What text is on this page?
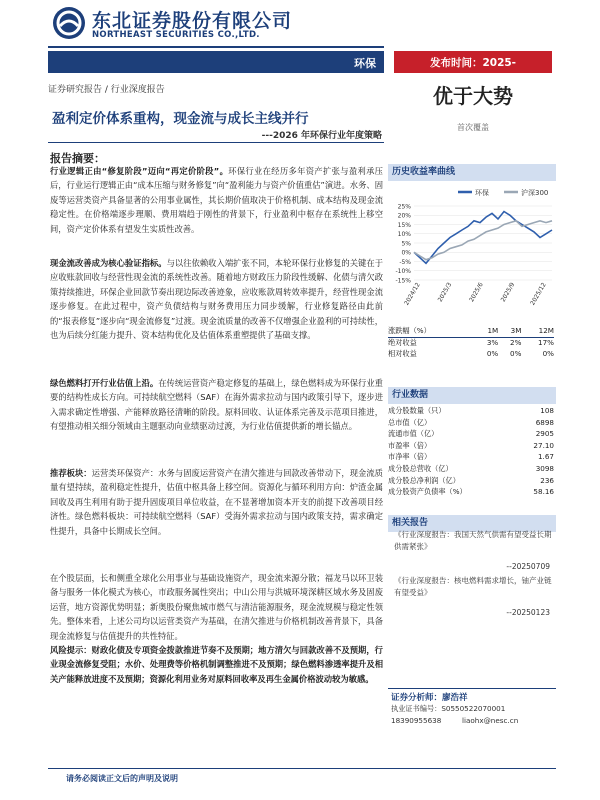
东北证券股份有限公司
NORTHEAST SECURITIES CO.,LTD.
环保	发布时间：2025-
证券研究报告 / 行业深度报告	优于大势
盈利定价体系重构，现金流与成长主线并行
---2026 年环保行业年度策略
首次覆盖
报告摘要：

行业逻辑正由“修复阶段”迈向“再定价阶段”。环保行业在经历多年资产扩张与盈利承压后，行业运行逻辑正由“成本压缩与财务修复”向“盈利能力与资产价值重估”演进。水务、固废等运营类资产具备显著的公用事业属性，其长期价值取决于价格机制、成本结构及现金流稳定性。在价格端逐步理顺、费用端趋于刚性的背景下，行业盈利中枢存在系统性上移空间，资产定价体系有望发生实质性改善。

现金流改善成为核心验证指标。与以往依赖收入端扩张不同，本轮环保行业修复的关键在于应收账款回收与经营性现金流的系统性改善。随着地方财政压力阶段性缓解、化债与清欠政策持续推进，环保企业回款节奏出现边际改善迹象，应收账款周转效率提升，经营性现金流逐步修复。在此过程中，资产负债结构与财务费用压力同步缓解，行业修复路径由此前的“报表修复”逐步向“现金流修复”过渡。现金流质量的改善不仅增强企业盈利的可持续性，也为后续分红能力提升、资本结构优化及估值体系重塑提供了基础支撑。

绿色燃料打开行业估值上沿。在传统运营资产稳定修复的基础上，绿色燃料成为环保行业重要的结构性成长方向。可持续航空燃料（SAF）在海外需求拉动与国内政策引导下，逐步进入需求确定性增强、产能释放路径清晰的阶段。原料回收、认证体系完善及示范项目推进，有望推动相关细分领域由主题驱动向业绩驱动过渡，为行业估值提供新的增长锚点。

推荐板块：运营类环保资产：水务与固废运营资产在清欠推进与回款改善带动下，现金流质量有望持续，盈利稳定性提升，估值中枢具备上移空间。资源化与循环利用方向：炉渣金属回收及再生利用有助于提升固废项目单位收益，在不显著增加资本开支的前提下改善项目经济性。绿色燃料板块：可持续航空燃料（SAF）受海外需求拉动与国内政策支持，需求确定性提升，具备中长期成长空间。

在个股层面，长和侧重全球化公用事业与基础设施资产，现金流来源分散；福龙马以环卫装备与服务一体化模式为核心，市政服务属性突出；中山公用与洪城环境深耕区域水务及固废运营，地方资源优势明显；新奥股份聚焦城市燃气与清洁能源服务，现金流规模与稳定性领先。整体来看，上述公司均以运营类资产为基础，在清欠推进与价格机制改善背景下，具备现金流修复与估值提升的共性特征。

风险提示：财政化债及专项资金拨款推进节奏不及预期；地方清欠与回款改善不及预期，行业现金流修复受阻；水价、处理费等价格机制调整推进不及预期；绿色燃料渗透率提升及相关产能释放进度不及预期；资源化利用业务对原料回收率及再生金属价格波动较为敏感。

历史收益率曲线
环保	沪深300
25%
20%
15%
10%
5%
0%
-5%
-10%
-15%
2024/12 2025/3 2025/6 2025/9 2025/12
涨跌幅（%）	1M	3M	12M
绝对收益	3%	2%	17%
相对收益	0%	0%	0%
行业数据
成分股数量（只）	108
总市值（亿）	6898
流通市值（亿）	2905
市盈率（倍）	27.10
市净率（倍）	1.67
成分股总营收（亿）	3098
成分股总净利润（亿）	236
成分股资产负债率（%）	58.16
相关报告
《行业深度报告：我国天然气供需有望受益长期供需紧张》
--20250709
《行业深度报告：核电燃料需求增长，铀产业链有望受益》
--20250123
证券分析师：廖浩祥
执业证书编号：S0550522070001
18390955638	liaohx@nesc.cn
请务必阅读正文后的声明及说明
